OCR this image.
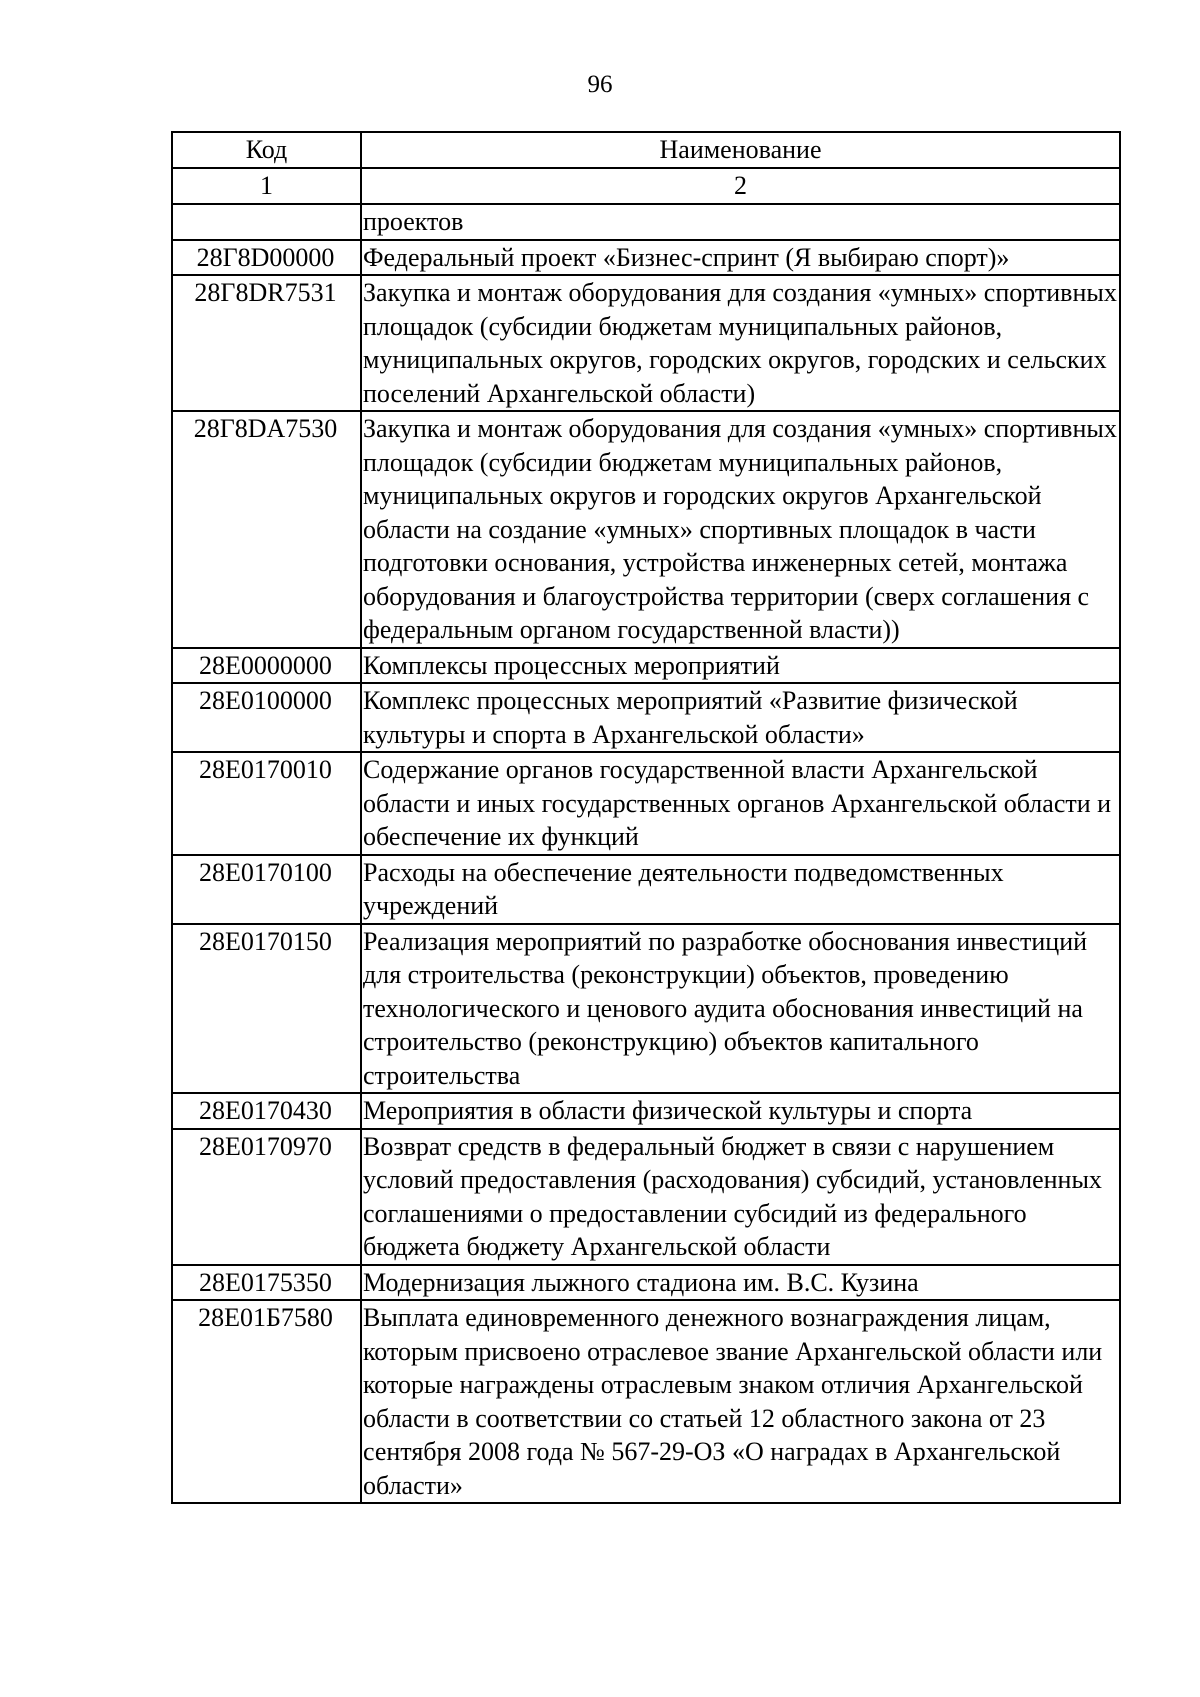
96
Код	Наименование
1	2
	проектов
28Г8D00000	Федеральный проект «Бизнес-спринт (Я выбираю спорт)»
28Г8DR7531	Закупка и монтаж оборудования для создания «умных» спортивных площадок (субсидии бюджетам муниципальных районов, муниципальных округов, городских округов, городских и сельских поселений Архангельской области)
28Г8DA7530	Закупка и монтаж оборудования для создания «умных» спортивных площадок (субсидии бюджетам муниципальных районов, муниципальных округов и городских округов Архангельской области на создание «умных» спортивных площадок в части подготовки основания, устройства инженерных сетей, монтажа оборудования и благоустройства территории (сверх соглашения с федеральным органом государственной власти))
28Е0000000	Комплексы процессных мероприятий
28Е0100000	Комплекс процессных мероприятий «Развитие физической культуры и спорта в Архангельской области»
28Е0170010	Содержание органов государственной власти Архангельской области и иных государственных органов Архангельской области и обеспечение их функций
28Е0170100	Расходы на обеспечение деятельности подведомственных учреждений
28Е0170150	Реализация мероприятий по разработке обоснования инвестиций для строительства (реконструкции) объектов, проведению технологического и ценового аудита обоснования инвестиций на строительство (реконструкцию) объектов капитального строительства
28Е0170430	Мероприятия в области физической культуры и спорта
28Е0170970	Возврат средств в федеральный бюджет в связи с нарушением условий предоставления (расходования) субсидий, установленных соглашениями о предоставлении субсидий из федерального бюджета бюджету Архангельской области
28Е0175350	Модернизация лыжного стадиона им. В.С. Кузина
28Е01Б7580	Выплата единовременного денежного вознаграждения лицам, которым присвоено отраслевое звание Архангельской области или которые награждены отраслевым знаком отличия Архангельской области в соответствии со статьей 12 областного закона от 23 сентября 2008 года № 567-29-ОЗ «О наградах в Архангельской области»
